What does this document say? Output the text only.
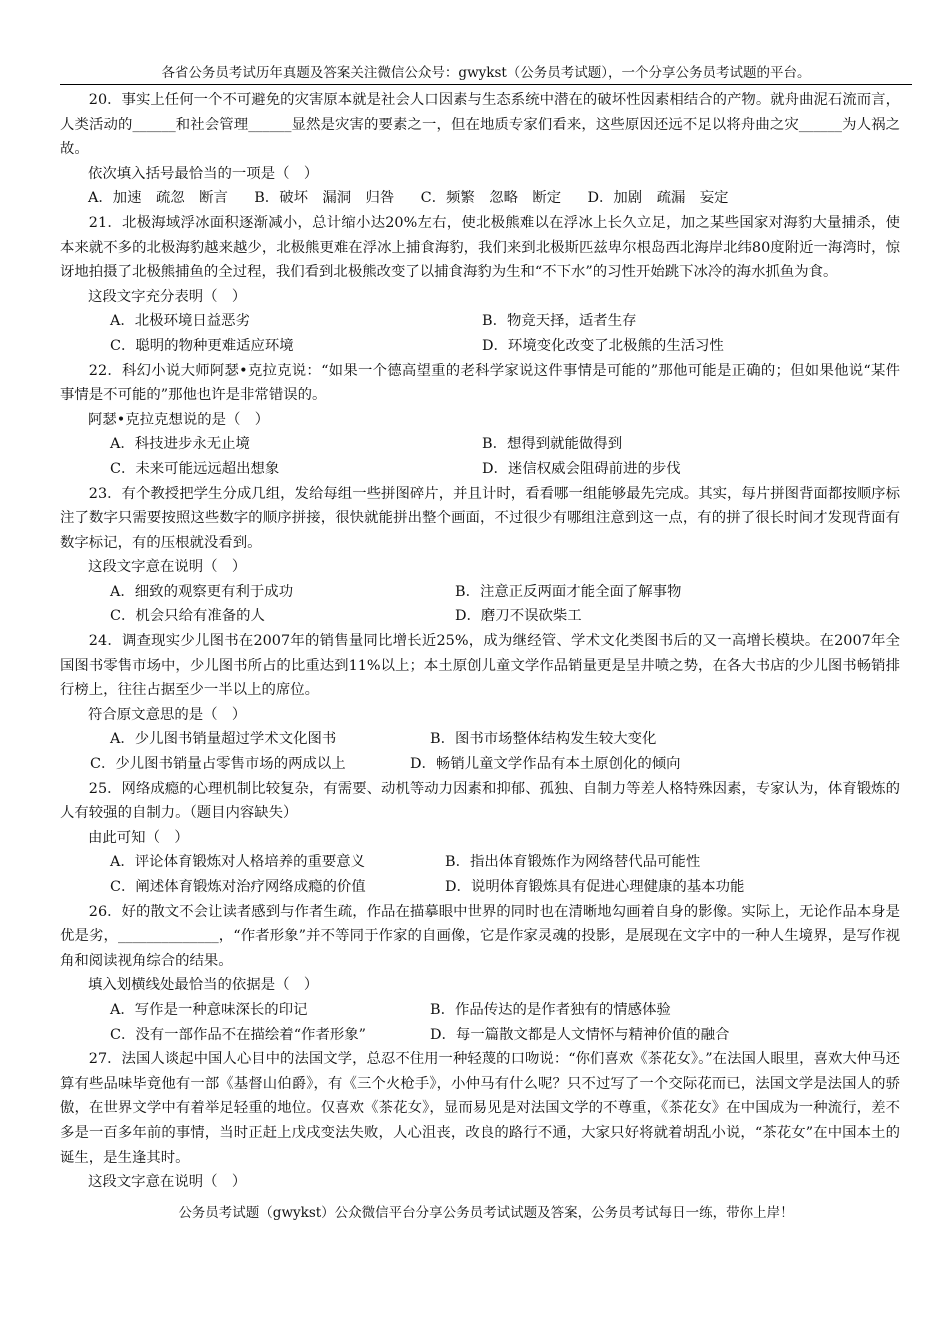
各省公务员考试历年真题及答案关注微信公众号：gwykst（公务员考试题），一个分享公务员考试题的平台。

20．事实上任何一个不可避免的灾害原本就是社会人口因素与生态系统中潜在的破坏性因素相结合的产物。就舟曲泥石流而言，人类活动的______和社会管理______显然是灾害的要素之一，但在地质专家们看来，这些原因还远不足以将舟曲之灾______为人祸之故。

依次填入括号最恰当的一项是（　）

A．加速　疏忽　断言 B．破坏　漏洞　归咎 C．频繁　忽略　断定 D．加剧　疏漏　妄定

21．北极海域浮冰面积逐渐减小，总计缩小达20%左右，使北极熊难以在浮冰上长久立足，加之某些国家对海豹大量捕杀，使本来就不多的北极海豹越来越少，北极熊更难在浮冰上捕食海豹，我们来到北极斯匹兹卑尔根岛西北海岸北纬80度附近一海湾时，惊讶地拍摄了北极熊捕鱼的全过程，我们看到北极熊改变了以捕食海豹为生和“不下水”的习性开始跳下冰冷的海水抓鱼为食。

这段文字充分表明（　）

A．北极环境日益恶劣	B．物竞天择，适者生存
C．聪明的物种更难适应环境	D．环境变化改变了北极熊的生活习性

22．科幻小说大师阿瑟•克拉克说：“如果一个德高望重的老科学家说这件事情是可能的”那他可能是正确的；但如果他说“某件事情是不可能的”那他也许是非常错误的。

阿瑟•克拉克想说的是（　）

A．科技进步永无止境	B．想得到就能做得到
C．未来可能远远超出想象	D．迷信权威会阻碍前进的步伐

23．有个教授把学生分成几组，发给每组一些拼图碎片，并且计时，看看哪一组能够最先完成。其实，每片拼图背面都按顺序标注了数字只需要按照这些数字的顺序拼接，很快就能拼出整个画面，不过很少有哪组注意到这一点，有的拼了很长时间才发现背面有数字标记，有的压根就没看到。

这段文字意在说明（　）

A．细致的观察更有利于成功	B．注意正反两面才能全面了解事物
C．机会只给有准备的人	D．磨刀不误砍柴工

24．调查现实少儿图书在2007年的销售量同比增长近25%，成为继经管、学术文化类图书后的又一高增长模块。在2007年全国图书零售市场中，少儿图书所占的比重达到11%以上；本土原创儿童文学作品销量更是呈井喷之势，在各大书店的少儿图书畅销排行榜上，往往占据至少一半以上的席位。

符合原文意思的是（　）

A．少儿图书销量超过学术文化图书	B．图书市场整体结构发生较大变化
C．少儿图书销量占零售市场的两成以上	D．畅销儿童文学作品有本土原创化的倾向

25．网络成瘾的心理机制比较复杂，有需要、动机等动力因素和抑郁、孤独、自制力等差人格特殊因素，专家认为，体育锻炼的人有较强的自制力。（题目内容缺失）

由此可知（　）

A．评论体育锻炼对人格培养的重要意义	B．指出体育锻炼作为网络替代品可能性
C．阐述体育锻炼对治疗网络成瘾的价值	D．说明体育锻炼具有促进心理健康的基本功能

26．好的散文不会让读者感到与作者生疏，作品在描摹眼中世界的同时也在清晰地勾画着自身的影像。实际上，无论作品本身是优是劣，______________，“作者形象”并不等同于作家的自画像，它是作家灵魂的投影，是展现在文字中的一种人生境界，是写作视角和阅读视角综合的结果。

填入划横线处最恰当的依据是（　）

A．写作是一种意味深长的印记	B．作品传达的是作者独有的情感体验
C．没有一部作品不在描绘着“作者形象”	D．每一篇散文都是人文情怀与精神价值的融合

27．法国人谈起中国人心目中的法国文学，总忍不住用一种轻蔑的口吻说：“你们喜欢《茶花女》。”在法国人眼里，喜欢大仲马还算有些品味毕竟他有一部《基督山伯爵》，有《三个火枪手》，小仲马有什么呢？只不过写了一个交际花而已，法国文学是法国人的骄傲，在世界文学中有着举足轻重的地位。仅喜欢《茶花女》，显而易见是对法国文学的不尊重，《茶花女》在中国成为一种流行，差不多是一百多年前的事情，当时正赶上戊戌变法失败，人心沮丧，改良的路行不通，大家只好将就着胡乱小说，“茶花女”在中国本土的诞生，是生逢其时。

这段文字意在说明（　）

公务员考试题（gwykst）公众微信平台分享公务员考试试题及答案，公务员考试每日一练，带你上岸！
